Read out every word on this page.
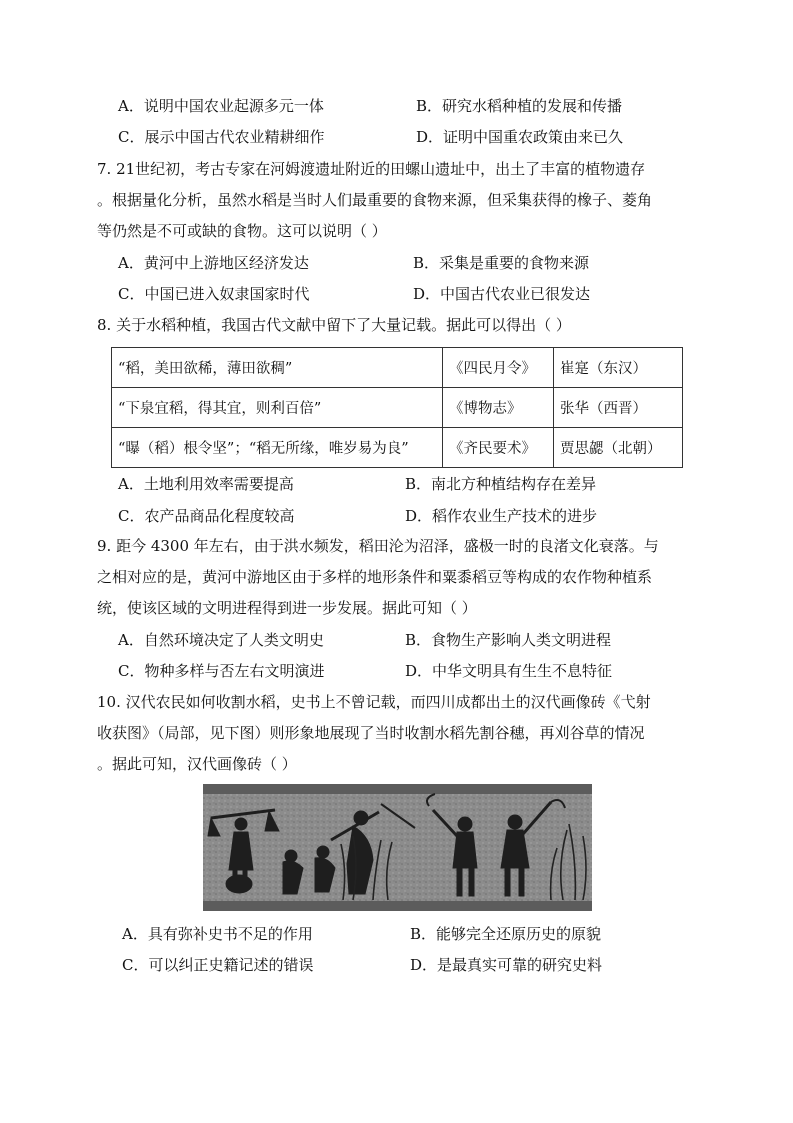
A．说明中国农业起源多元一体	B．研究水稻种植的发展和传播
C．展示中国古代农业精耕细作	D．证明中国重农政策由来已久
7. 21世纪初，考古专家在河姆渡遗址附近的田螺山遗址中，出土了丰富的植物遗存
。根据量化分析，虽然水稻是当时人们最重要的食物来源，但采集获得的橡子、菱角
等仍然是不可或缺的食物。这可以说明（ ）
A．黄河中上游地区经济发达	B．采集是重要的食物来源
C．中国已进入奴隶国家时代	D．中国古代农业已很发达
8. 关于水稻种植，我国古代文献中留下了大量记载。据此可以得出（ ）
“稻，美田欲稀，薄田欲稠”	《四民月令》	崔寔（东汉）
“下泉宜稻，得其宜，则利百倍”	《博物志》	张华（西晋）
“曝（稻）根令坚”；“稻无所缘，唯岁易为良”	《齐民要术》	贾思勰（北朝）
A．土地利用效率需要提高	B．南北方种植结构存在差异
C．农产品商品化程度较高	D．稻作农业生产技术的进步
9. 距今 4300 年左右，由于洪水频发，稻田沦为沼泽，盛极一时的良渚文化衰落。与
之相对应的是，黄河中游地区由于多样的地形条件和粟黍稻豆等构成的农作物种植系
统，使该区域的文明进程得到进一步发展。据此可知（ ）
A．自然环境决定了人类文明史	B．食物生产影响人类文明进程
C．物种多样与否左右文明演进	D．中华文明具有生生不息特征
10. 汉代农民如何收割水稻，史书上不曾记载，而四川成都出土的汉代画像砖《弋射
收获图》（局部，见下图）则形象地展现了当时收割水稻先割谷穗，再刈谷草的情况
。据此可知，汉代画像砖（ ）
A．具有弥补史书不足的作用	B．能够完全还原历史的原貌
C．可以纠正史籍记述的错误	D．是最真实可靠的研究史料
